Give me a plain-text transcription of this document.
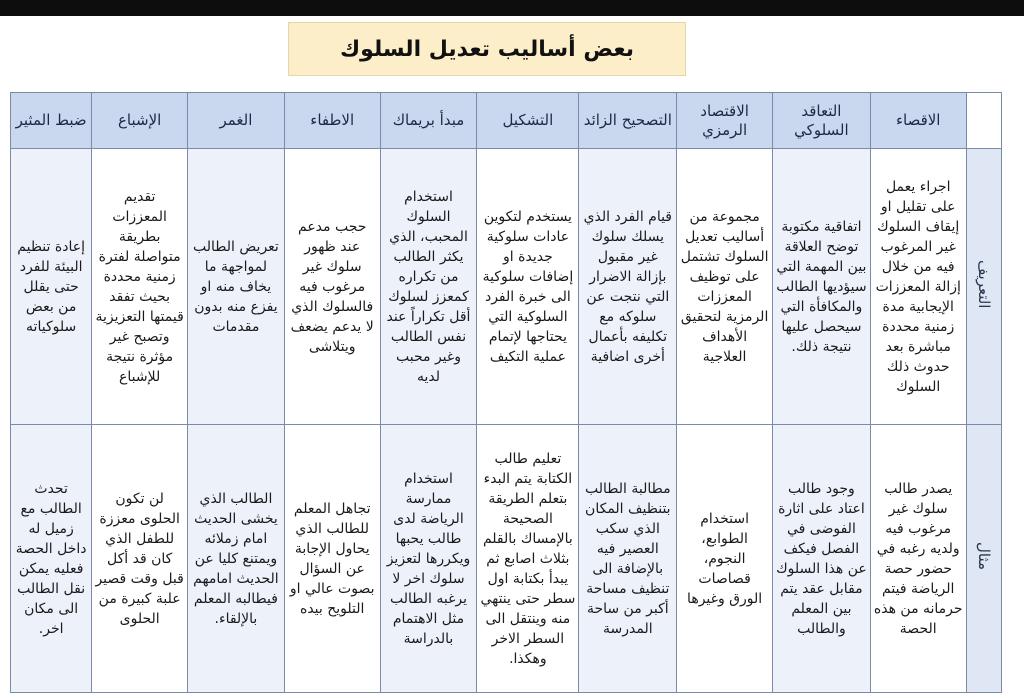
بعض أساليب تعديل السلوك
	الاقصاء	التعاقد السلوكي	الاقتصاد الرمزي	التصحيح الزائد	التشكيل	مبدأ بريماك	الاطفاء	الغمر	الإشباع	ضبط المثير
التعريف	اجراء يعمل على تقليل او إيقاف السلوك غير المرغوب فيه من خلال إزالة المعززات الإيجابية مدة زمنية محددة مباشرة بعد حدوث ذلك السلوك	اتفاقية مكتوبة توضح العلاقة بين المهمة التي سيؤديها الطالب والمكافأة التي سيحصل عليها نتيجة ذلك.	مجموعة من أساليب تعديل السلوك تشتمل على توظيف المعززات الرمزية لتحقيق الأهداف العلاجية	قيام الفرد الذي يسلك سلوك غير مقبول بإزالة الاضرار التي نتجت عن سلوكه مع تكليفه بأعمال أخرى اضافية	يستخدم لتكوين عادات سلوكية جديدة او إضافات سلوكية الى خبرة الفرد السلوكية التي يحتاجها لإتمام عملية التكيف	استخدام السلوك المحبب، الذي يكثر الطالب من تكراره كمعزز لسلوك أقل تكراراً عند نفس الطالب وغير محبب لديه	حجب مدعم عند ظهور سلوك غير مرغوب فيه فالسلوك الذي لا يدعم يضعف ويتلاشى	تعريض الطالب لمواجهة ما يخاف منه او يفزع منه بدون مقدمات	تقديم المعززات بطريقة متواصلة لفترة زمنية محددة بحيث تفقد قيمتها التعزيزية وتصبح غير مؤثرة نتيجة للإشباع	إعادة تنظيم البيئة للفرد حتى يقلل من بعض سلوكياته
مثال	يصدر طالب سلوك غير مرغوب فيه ولديه رغبه في حضور حصة الرياضة فيتم حرمانه من هذه الحصة	وجود طالب اعتاد على اثارة الفوضى في الفصل فيكف عن هذا السلوك مقابل عقد يتم بين المعلم والطالب	استخدام الطوابع، النجوم، قصاصات الورق وغيرها	مطالبة الطالب بتنظيف المكان الذي سكب العصير فيه بالإضافة الى تنظيف مساحة أكبر من ساحة المدرسة	تعليم طالب الكتابة يتم البدء بتعلم الطريقة الصحيحة بالإمساك بالقلم بثلاث اصابع ثم يبدأ بكتابة اول سطر حتى ينتهي منه وينتقل الى السطر الاخر وهكذا.	استخدام ممارسة الرياضة لدى طالب يحبها ويكررها لتعزيز سلوك اخر لا يرغبه الطالب مثل الاهتمام بالدراسة	تجاهل المعلم للطالب الذي يحاول الإجابة عن السؤال بصوت عالي او التلويح بيده	الطالب الذي يخشى الحديث امام زملائه ويمتنع كليا عن الحديث امامهم فيطالبه المعلم بالإلقاء.	لن تكون الحلوى معززة للطفل الذي كان قد أكل قبل وقت قصير علبة كبيرة من الحلوى	تحدث الطالب مع زميل له داخل الحصة فعليه يمكن نقل الطالب الى مكان اخر.
